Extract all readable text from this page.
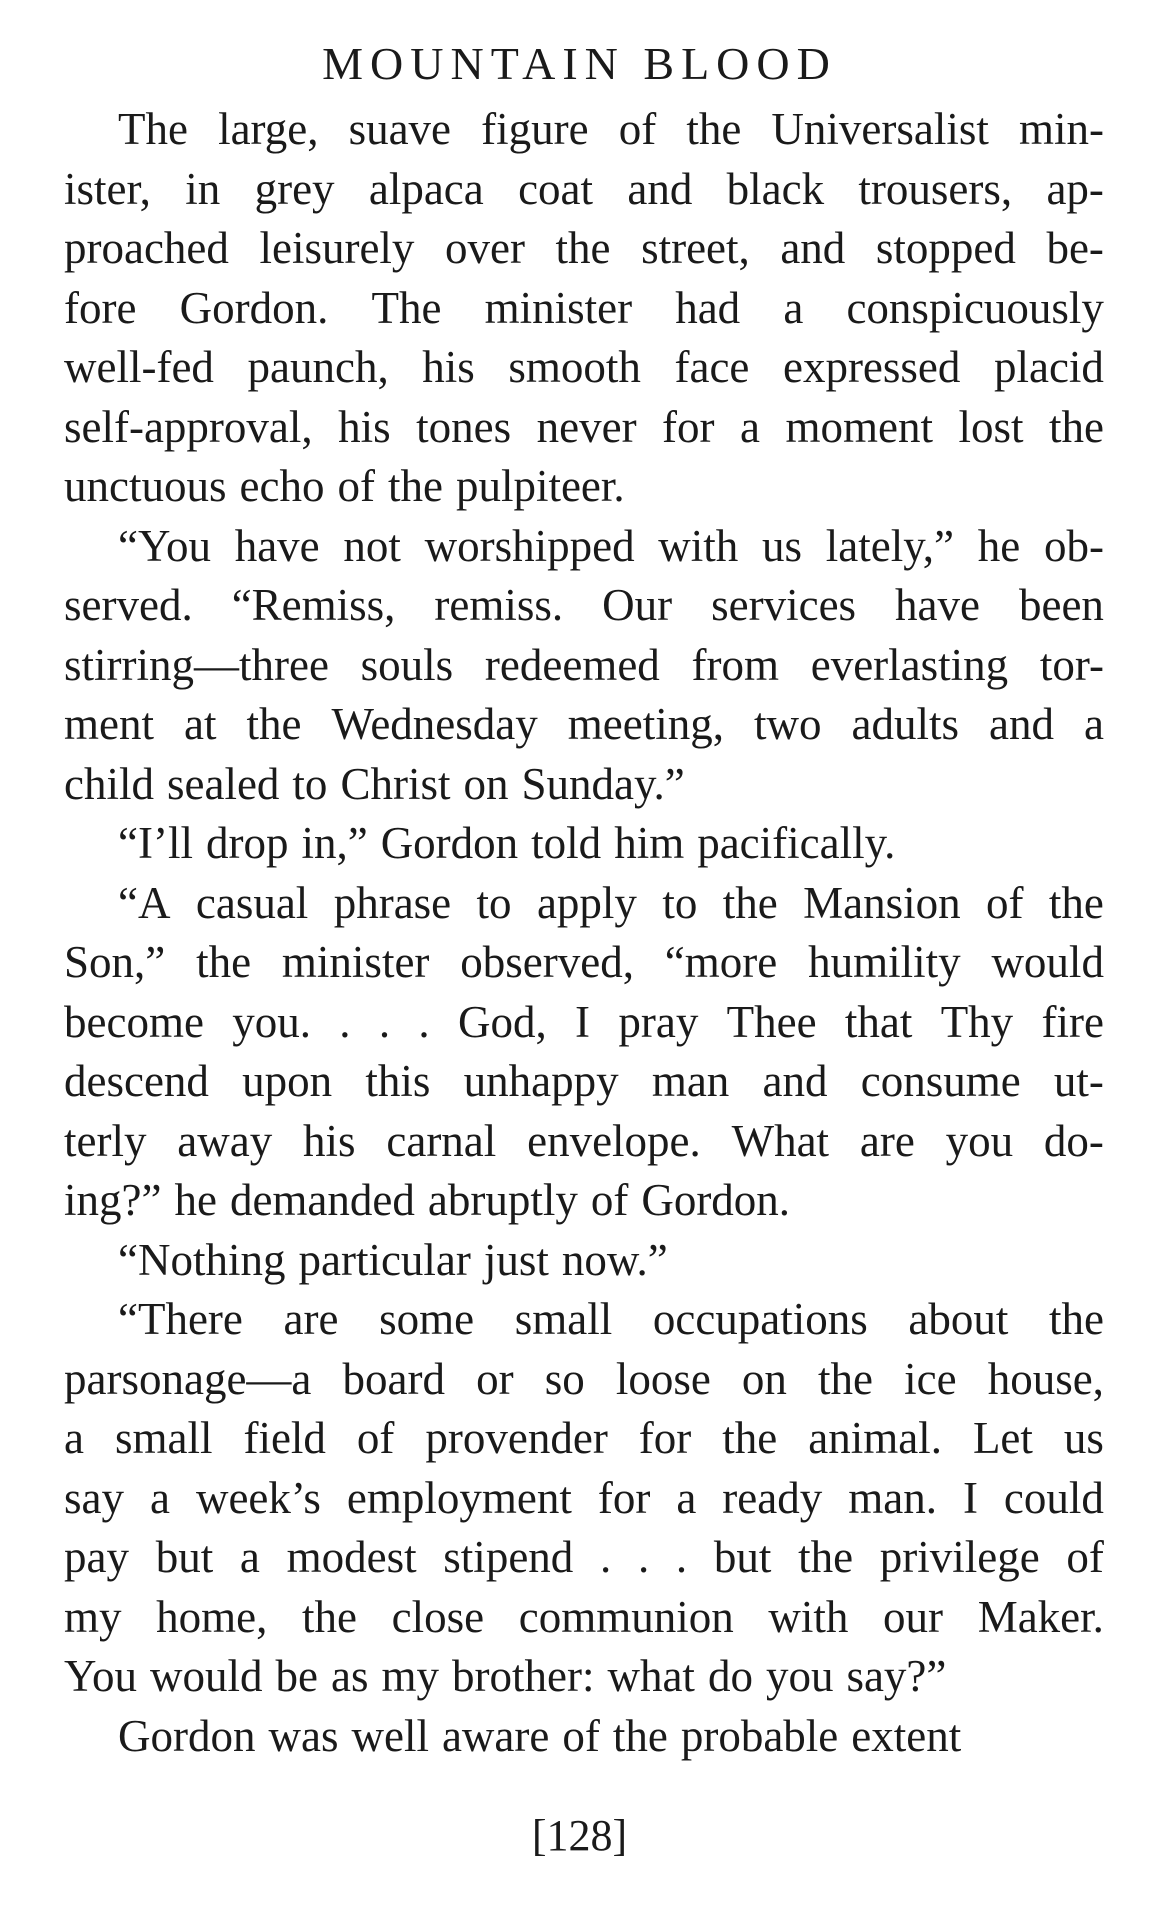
MOUNTAIN BLOOD
The large, suave figure of the Universalist min-
ister, in grey alpaca coat and black trousers, ap-
proached leisurely over the street, and stopped be-
fore Gordon. The minister had a conspicuously
well-fed paunch, his smooth face expressed placid
self-approval, his tones never for a moment lost the
unctuous echo of the pulpiteer.
“You have not worshipped with us lately,” he ob-
served. “Remiss, remiss. Our services have been
stirring—three souls redeemed from everlasting tor-
ment at the Wednesday meeting, two adults and a
child sealed to Christ on Sunday.”
“I’ll drop in,” Gordon told him pacifically.
“A casual phrase to apply to the Mansion of the
Son,” the minister observed, “more humility would
become you. . . . God, I pray Thee that Thy fire
descend upon this unhappy man and consume ut-
terly away his carnal envelope. What are you do-
ing?” he demanded abruptly of Gordon.
“Nothing particular just now.”
“There are some small occupations about the
parsonage—a board or so loose on the ice house,
a small field of provender for the animal. Let us
say a week’s employment for a ready man. I could
pay but a modest stipend . . . but the privilege of
my home, the close communion with our Maker.
You would be as my brother: what do you say?”
Gordon was well aware of the probable extent
[128]
